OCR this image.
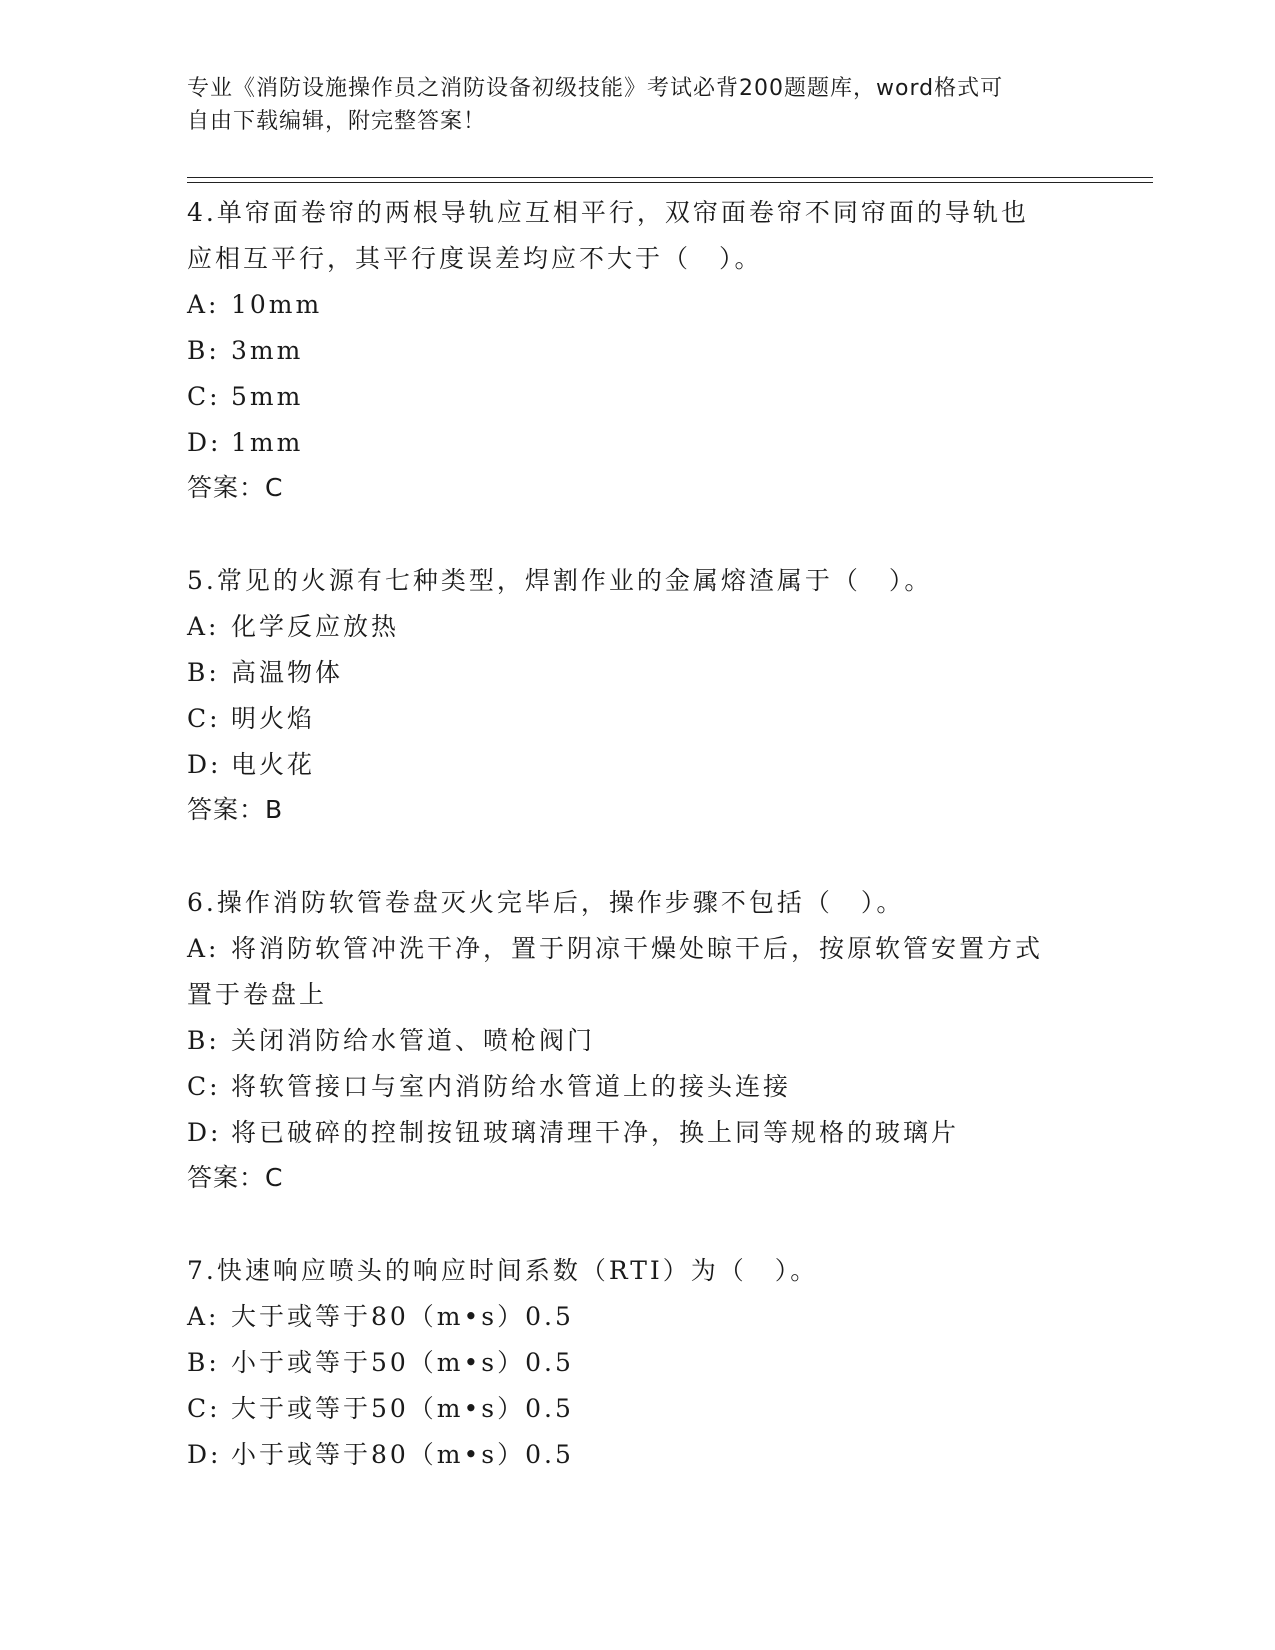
专业《消防设施操作员之消防设备初级技能》考试必背200题题库，word格式可
自由下载编辑，附完整答案！
4.单帘面卷帘的两根导轨应互相平行，双帘面卷帘不同帘面的导轨也
应相互平行，其平行度误差均应不大于（　）。
A: 10mm
B: 3mm
C: 5mm
D: 1mm
答案：C
5.常见的火源有七种类型，焊割作业的金属熔渣属于（　）。
A: 化学反应放热
B: 高温物体
C: 明火焰
D: 电火花
答案：B
6.操作消防软管卷盘灭火完毕后，操作步骤不包括（　）。
A: 将消防软管冲洗干净，置于阴凉干燥处晾干后，按原软管安置方式
置于卷盘上
B: 关闭消防给水管道、喷枪阀门
C: 将软管接口与室内消防给水管道上的接头连接
D: 将已破碎的控制按钮玻璃清理干净，换上同等规格的玻璃片
答案：C
7.快速响应喷头的响应时间系数（RTI）为（　）。
A: 大于或等于80（m•s）0.5
B: 小于或等于50（m•s）0.5
C: 大于或等于50（m•s）0.5
D: 小于或等于80（m•s）0.5
